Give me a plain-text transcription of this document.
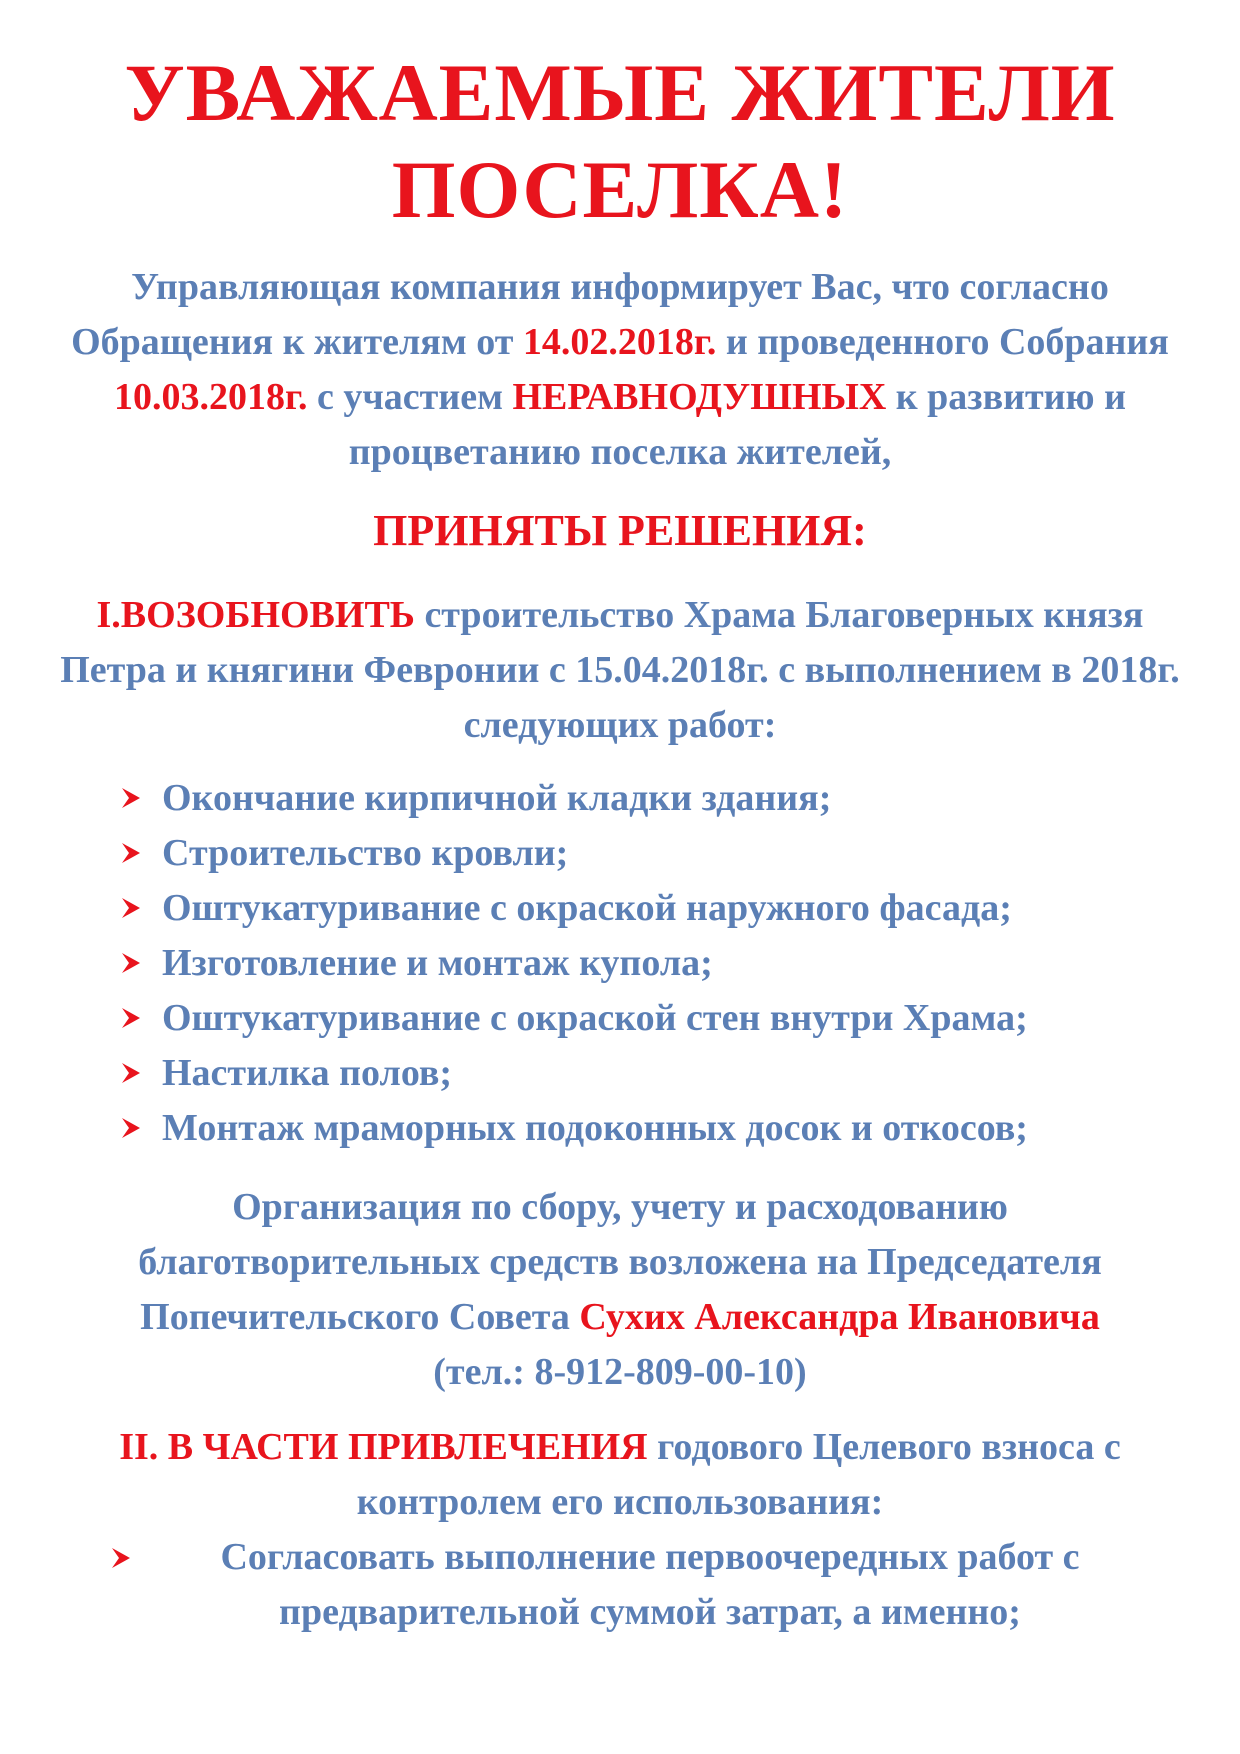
УВАЖАЕМЫЕ ЖИТЕЛИ
ПОСЕЛКА!

Управляющая компания информирует Вас, что согласно Обращения к жителям от 14.02.2018г. и проведенного Собрания 10.03.2018г. с участием НЕРАВНОДУШНЫХ к развитию и процветанию поселка жителей,

ПРИНЯТЫ РЕШЕНИЯ:

I.ВОЗОБНОВИТЬ строительство Храма Благоверных князя Петра и княгини Февронии с 15.04.2018г. с выполнением в 2018г. следующих работ:

Окончание кирпичной кладки здания;
Строительство кровли;
Оштукатуривание с окраской наружного фасада;
Изготовление и монтаж купола;
Оштукатуривание с окраской стен внутри Храма;
Настилка полов;
Монтаж мраморных подоконных досок и откосов;

Организация по сбору, учету и расходованию благотворительных средств возложена на Председателя Попечительского Совета Сухих Александра Ивановича
(тел.: 8-912-809-00-10)

II. В ЧАСТИ ПРИВЛЕЧЕНИЯ годового Целевого взноса с контролем его использования:

Согласовать выполнение первоочередных работ с предварительной суммой затрат, а именно;
